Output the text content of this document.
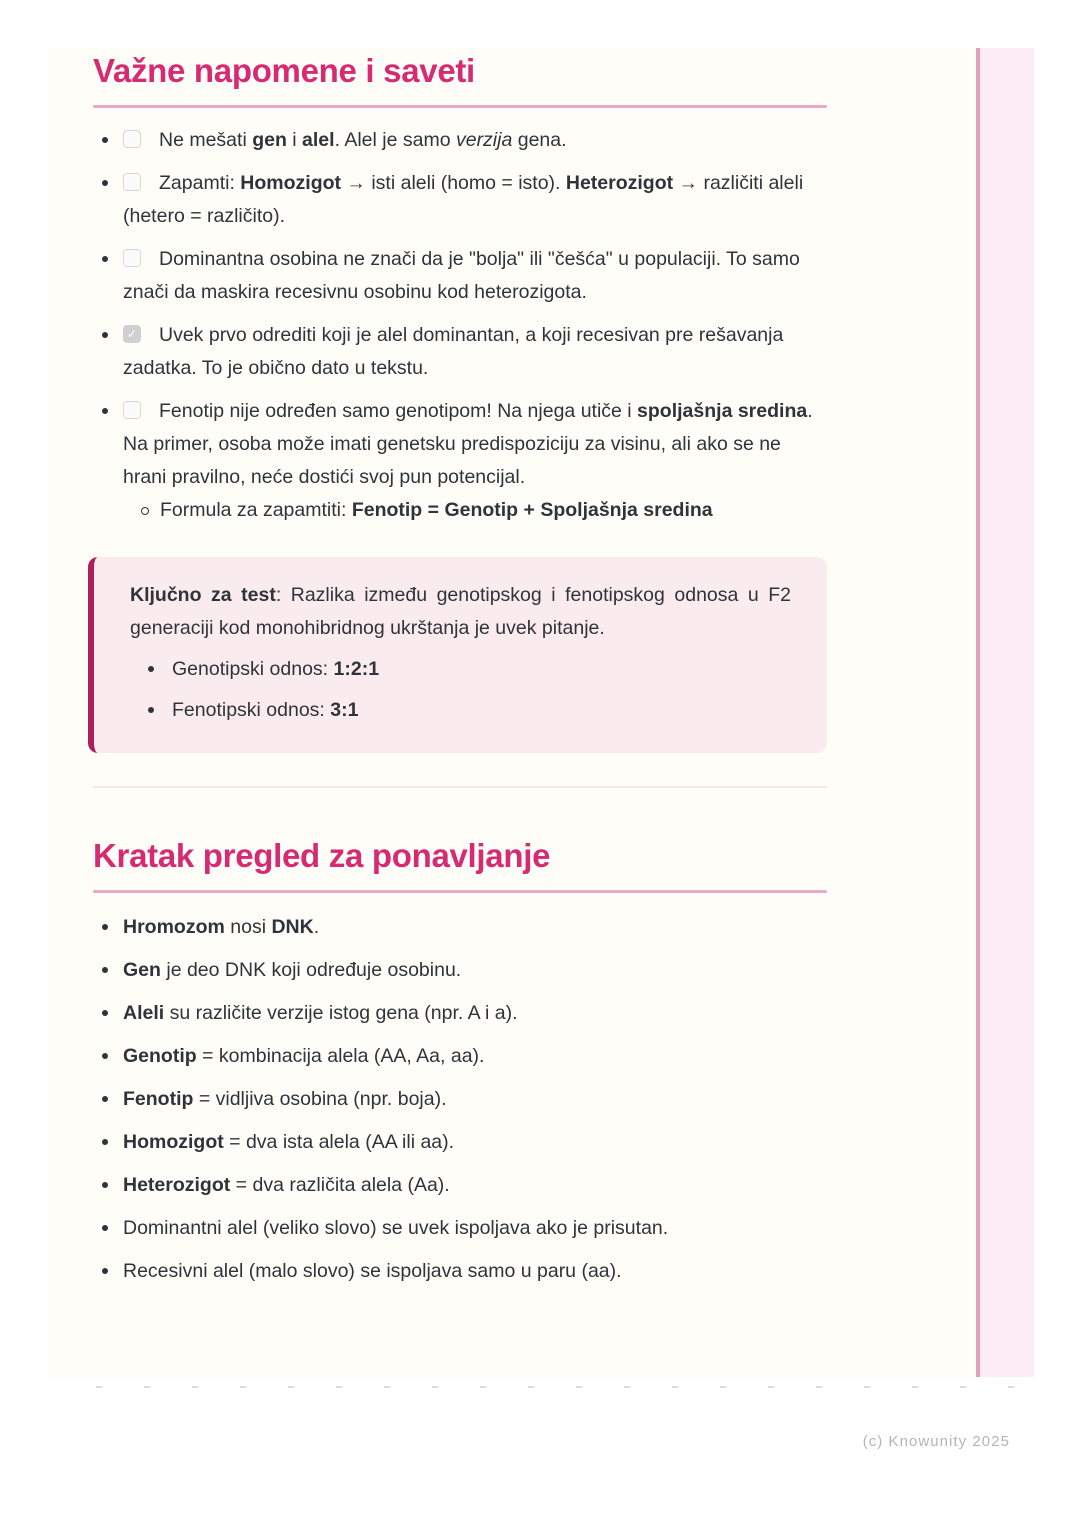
Važne napomene i saveti
Ne mešati gen i alel. Alel je samo verzija gena.
Zapamti: Homozigot → isti aleli (homo = isto). Heterozigot → različiti aleli (hetero = različito).
Dominantna osobina ne znači da je "bolja" ili "češća" u populaciji. To samo znači da maskira recesivnu osobinu kod heterozigota.
✓Uvek prvo odrediti koji je alel dominantan, a koji recesivan pre rešavanja zadatka. To je obično dato u tekstu.
Fenotip nije određen samo genotipom! Na njega utiče i spoljašnja sredina. Na primer, osoba može imati genetsku predispoziciju za visinu, ali ako se ne hrani pravilno, neće dostići svoj pun potencijal.
Formula za zapamtiti: Fenotip = Genotip + Spoljašnja sredina

Ključno za test: Razlika između genotipskog i fenotipskog odnosa u F2 generaciji kod monohibridnog ukrštanja je uvek pitanje.

Genotipski odnos: 1:2:1
Fenotipski odnos: 3:1
Kratak pregled za ponavljanje
Hromozom nosi DNK.
Gen je deo DNK koji određuje osobinu.
Aleli su različite verzije istog gena (npr. A i a).
Genotip = kombinacija alela (AA, Aa, aa).
Fenotip = vidljiva osobina (npr. boja).
Homozigot = dva ista alela (AA ili aa).
Heterozigot = dva različita alela (Aa).
Dominantni alel (veliko slovo) se uvek ispoljava ako je prisutan.
Recesivni alel (malo slovo) se ispoljava samo u paru (aa).
(c) Knowunity 2025
